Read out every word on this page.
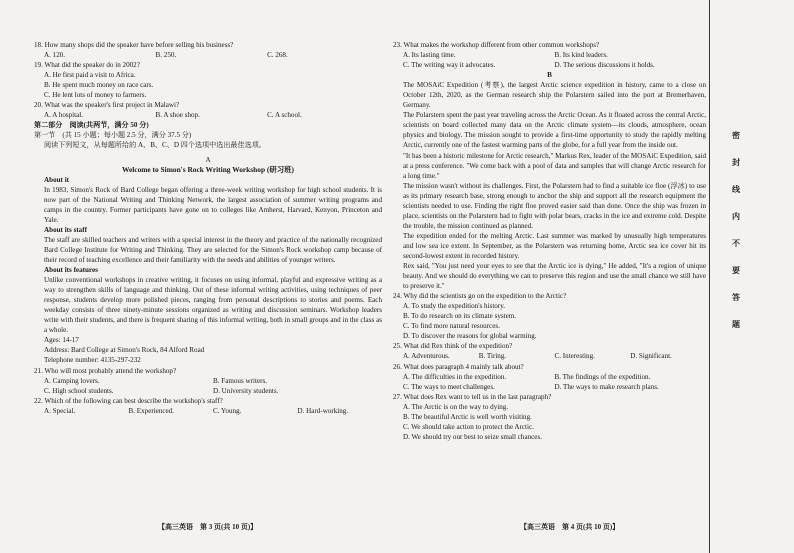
18. How many shops did the speaker have before selling his business?
A. 120.	B. 250.	C. 268.
19. What did the speaker do in 2002?
A. He first paid a visit to Africa.
B. He spent much money on race cars.
C. He lent lots of money to farmers.
20. What was the speaker's first project in Malawi?
A. A hospital.	B. A shoe shop.	C. A school.
第二部分　阅读(共两节，满分 50 分)
第一节　(共 15 小题；每小题 2.5 分，满分 37.5 分)
阅读下列短文，从每题所给的 A、B、C、D 四个选项中选出最佳选项。
A
Welcome to Simon's Rock Writing Workshop (研习班)
About it
In 1983, Simon's Rock of Bard College began offering a three-week writing workshop for high school students. It is now part of the National Writing and Thinking Network, the largest association of summer writing programs and camps in the country. Former participants have gone on to colleges like Amherst, Harvard, Kenyon, Princeton and Yale.
About its staff
The staff are skilled teachers and writers with a special interest in the theory and practice of the nationally recognized Bard College Institute for Writing and Thinking. They are selected for the Simon's Rock workshop camp because of their record of teaching excellence and their familiarity with the needs and abilities of younger writers.
About its features
Unlike conventional workshops in creative writing, it focuses on using informal, playful and expressive writing as a way to strengthen skills of language and thinking. Out of these informal writing activities, using techniques of peer response, students develop more polished pieces, ranging from personal descriptions to stories and poems. Each weekday consists of three ninety-minute sessions organized as writing and discussion seminars. Workshop leaders write with their students, and there is frequent sharing of this informal writing, both in small groups and in the class as a whole.
Ages: 14-17
Address: Bard College at Simon's Rock, 84 Alford Road
Telephone number: 4135-297-232
21. Who will most probably attend the workshop?
A. Camping lovers.	B. Famous writers.
C. High school students.	D. University students.
22. Which of the following can best describe the workshop's staff?
A. Special.	B. Experienced.	C. Young.	D. Hard-working.
23. What makes the workshop different from other common workshops?
A. Its lasting time.	B. Its kind leaders.
C. The writing way it advocates.	D. The serious discussions it holds.
B
The MOSAiC Expedition (考察), the largest Arctic science expedition in history, came to a close on October 12th, 2020, as the German research ship the Polarstern sailed into the port at Bremerhaven, Germany.
The Polarstern spent the past year traveling across the Arctic Ocean. As it floated across the central Arctic, scientists on board collected many data on the Arctic climate system—its clouds, atmosphere, ocean physics and biology. The mission sought to provide a first-time opportunity to study the rapidly melting Arctic, currently one of the fastest warming parts of the globe, for a full year from the inside out.
"It has been a historic milestone for Arctic research," Markus Rex, leader of the MOSAiC Expedition, said at a press conference. "We come back with a pool of data and samples that will change Arctic research for a long time."
The mission wasn't without its challenges. First, the Polarstern had to find a suitable ice floe (浮冰) to use as its primary research base, strong enough to anchor the ship and support all the research equipment the scientists needed to use. Finding the right floe proved easier said than done. Once the ship was frozen in place, scientists on the Polarstern had to fight with polar bears, cracks in the ice and extreme cold. Despite the trouble, the mission continued as planned.
The expedition ended for the melting Arctic. Last summer was marked by unusually high temperatures and low sea ice extent. In September, as the Polarstern was returning home, Arctic sea ice cover hit its second-lowest extent in recorded history.
Rex said, "You just need your eyes to see that the Arctic ice is dying," He added, "It's a region of unique beauty. And we should do everything we can to preserve this region and use the small chance we still have to preserve it."
24. Why did the scientists go on the expedition to the Arctic?
A. To study the expedition's history.
B. To do research on its climate system.
C. To find more natural resources.
D. To discover the reasons for global warming.
25. What did Rex think of the expedition?
A. Adventurous.	B. Tiring.	C. Interesting.	D. Significant.
26. What does paragraph 4 mainly talk about?
A. The difficulties in the expedition.	B. The findings of the expedition.
C. The ways to meet challenges.	D. The ways to make research plans.
27. What does Rex want to tell us in the last paragraph?
A. The Arctic is on the way to dying.
B. The beautiful Arctic is well worth visiting.
C. We should take action to protect the Arctic.
D. We should try our best to seize small chances.
【高三英语　第 3 页(共 10 页)】	【高三英语　第 4 页(共 10 页)】
密
封
线
内
不
要
答
题
